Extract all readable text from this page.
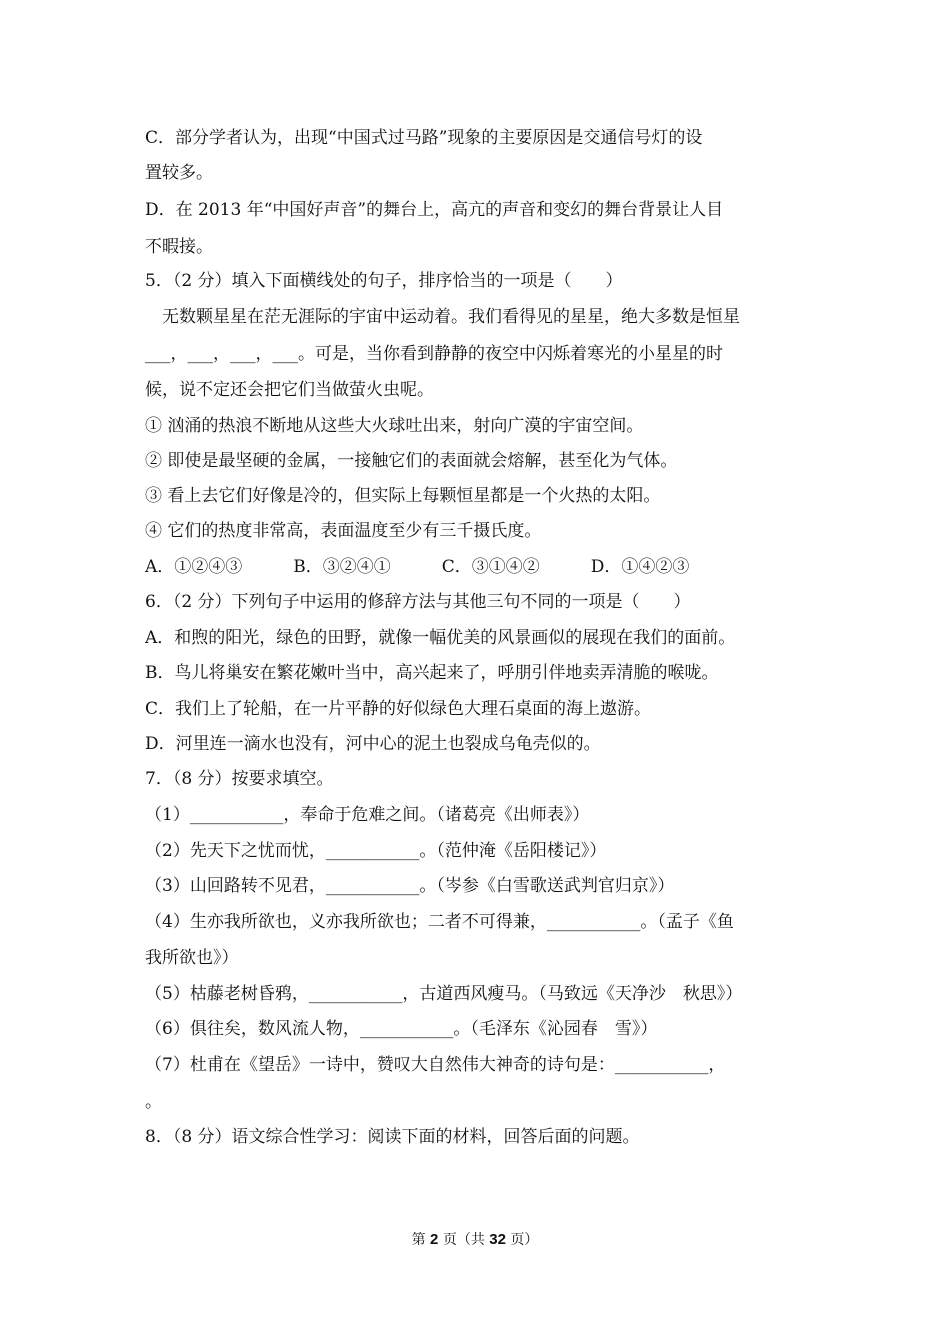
C．部分学者认为，出现“中国式过马路”现象的主要原因是交通信号灯的设
置较多。
D．在 2013 年“中国好声音”的舞台上，高亢的声音和变幻的舞台背景让人目
不暇接。
5．（2 分）填入下面横线处的句子，排序恰当的一项是（　　）
无数颗星星在茫无涯际的宇宙中运动着。我们看得见的星星，绝大多数是恒星
___，___，___，___。可是，当你看到静静的夜空中闪烁着寒光的小星星的时
候，说不定还会把它们当做萤火虫呢。
① 汹涌的热浪不断地从这些大火球吐出来，射向广漠的宇宙空间。
② 即使是最坚硬的金属，一接触它们的表面就会熔解，甚至化为气体。
③ 看上去它们好像是冷的，但实际上每颗恒星都是一个火热的太阳。
④ 它们的热度非常高，表面温度至少有三千摄氏度。
A．①②④③　　　B．③②④①　　　C．③①④②　　　D．①④②③
6．（2 分）下列句子中运用的修辞方法与其他三句不同的一项是（　　）
A．和煦的阳光，绿色的田野，就像一幅优美的风景画似的展现在我们的面前。
B．鸟儿将巢安在繁花嫩叶当中，高兴起来了，呼朋引伴地卖弄清脆的喉咙。
C．我们上了轮船，在一片平静的好似绿色大理石桌面的海上遨游。
D．河里连一滴水也没有，河中心的泥土也裂成乌龟壳似的。
7．（8 分）按要求填空。
（1）___________，奉命于危难之间。（诸葛亮《出师表》）
（2）先天下之忧而忧，___________。（范仲淹《岳阳楼记》）
（3）山回路转不见君，___________。（岑参《白雪歌送武判官归京》）
（4）生亦我所欲也，义亦我所欲也；二者不可得兼，___________。（孟子《鱼
我所欲也》）
（5）枯藤老树昏鸦，___________，古道西风瘦马。（马致远《天净沙　秋思》）
（6）俱往矣，数风流人物，___________。（毛泽东《沁园春　雪》）
（7）杜甫在《望岳》一诗中，赞叹大自然伟大神奇的诗句是：___________，
。
8．（8 分）语文综合性学习：阅读下面的材料，回答后面的问题。
第 2 页（共 32 页）
